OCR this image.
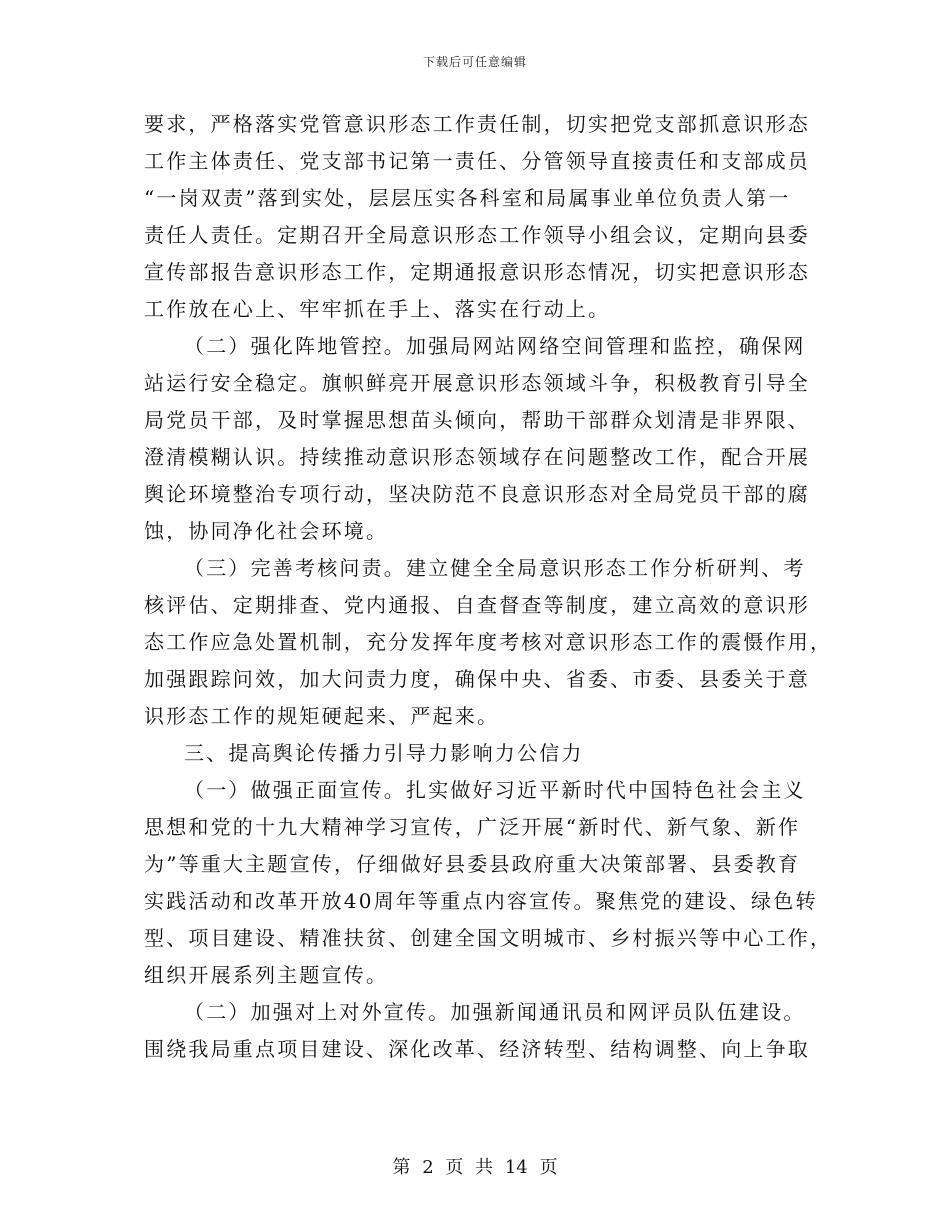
下载后可任意编辑
要求，严格落实党管意识形态工作责任制，切实把党支部抓意识形态
工作主体责任、党支部书记第一责任、分管领导直接责任和支部成员
“一岗双责”落到实处，层层压实各科室和局属事业单位负责人第一
责任人责任。定期召开全局意识形态工作领导小组会议，定期向县委
宣传部报告意识形态工作，定期通报意识形态情况，切实把意识形态
工作放在心上、牢牢抓在手上、落实在行动上。
（二）强化阵地管控。加强局网站网络空间管理和监控，确保网
站运行安全稳定。旗帜鲜亮开展意识形态领域斗争，积极教育引导全
局党员干部，及时掌握思想苗头倾向，帮助干部群众划清是非界限、
澄清模糊认识。持续推动意识形态领域存在问题整改工作，配合开展
舆论环境整治专项行动，坚决防范不良意识形态对全局党员干部的腐
蚀，协同净化社会环境。
（三）完善考核问责。建立健全全局意识形态工作分析研判、考
核评估、定期排查、党内通报、自查督查等制度，建立高效的意识形
态工作应急处置机制，充分发挥年度考核对意识形态工作的震慑作用，
加强跟踪问效，加大问责力度，确保中央、省委、市委、县委关于意
识形态工作的规矩硬起来、严起来。
三、提高舆论传播力引导力影响力公信力
（一）做强正面宣传。扎实做好习近平新时代中国特色社会主义
思想和党的十九大精神学习宣传，广泛开展“新时代、新气象、新作
为”等重大主题宣传，仔细做好县委县政府重大决策部署、县委教育
实践活动和改革开放40周年等重点内容宣传。聚焦党的建设、绿色转
型、项目建设、精准扶贫、创建全国文明城市、乡村振兴等中心工作，
组织开展系列主题宣传。
（二）加强对上对外宣传。加强新闻通讯员和网评员队伍建设。
围绕我局重点项目建设、深化改革、经济转型、结构调整、向上争取
第 2 页 共 14 页
